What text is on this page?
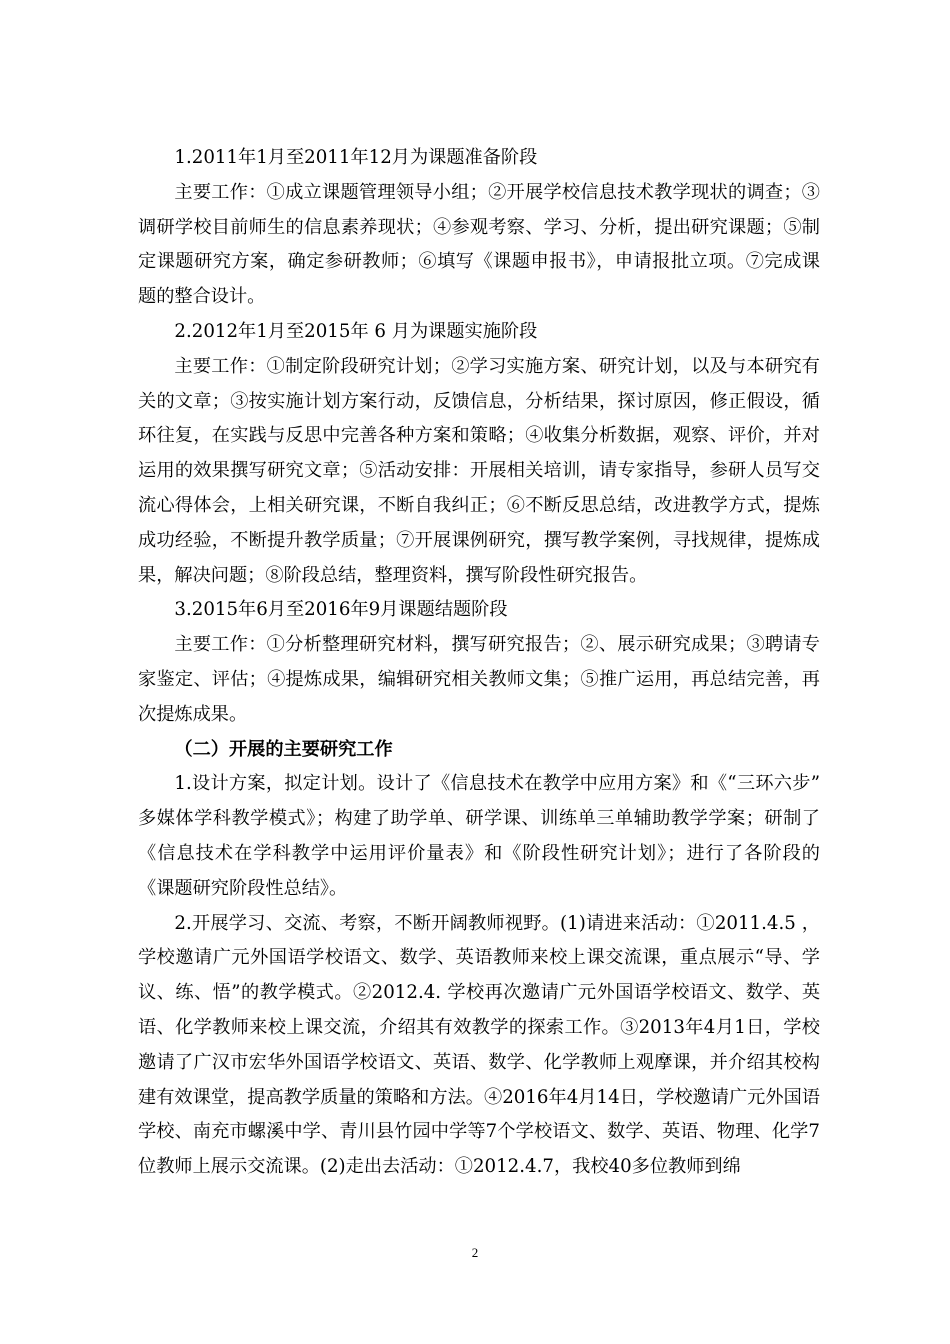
1.2011年1月至2011年12月为课题准备阶段

主要工作：①成立课题管理领导小组；②开展学校信息技术教学现状的调查；③调研学校目前师生的信息素养现状；④参观考察、学习、分析，提出研究课题；⑤制定课题研究方案，确定参研教师；⑥填写《课题申报书》，申请报批立项。⑦完成课题的整合设计。

2.2012年1月至2015年 6 月为课题实施阶段

主要工作：①制定阶段研究计划；②学习实施方案、研究计划，以及与本研究有关的文章；③按实施计划方案行动，反馈信息，分析结果，探讨原因，修正假设，循环往复，在实践与反思中完善各种方案和策略；④收集分析数据，观察、评价，并对运用的效果撰写研究文章；⑤活动安排：开展相关培训，请专家指导，参研人员写交流心得体会，上相关研究课，不断自我纠正；⑥不断反思总结，改进教学方式，提炼成功经验，不断提升教学质量；⑦开展课例研究，撰写教学案例，寻找规律，提炼成果，解决问题；⑧阶段总结，整理资料，撰写阶段性研究报告。

3.2015年6月至2016年9月课题结题阶段

主要工作：①分析整理研究材料，撰写研究报告；②、展示研究成果；③聘请专家鉴定、评估；④提炼成果，编辑研究相关教师文集；⑤推广运用，再总结完善，再次提炼成果。

（二）开展的主要研究工作

1.设计方案，拟定计划。设计了《信息技术在教学中应用方案》和《“三环六步” 多媒体学科教学模式》；构建了助学单、研学课、训练单三单辅助教学学案；研制了《信息技术在学科教学中运用评价量表》和《阶段性研究计划》；进行了各阶段的《课题研究阶段性总结》。

2.开展学习、交流、考察，不断开阔教师视野。(1)请进来活动：①2011.4.5 ，学校邀请广元外国语学校语文、数学、英语教师来校上课交流课，重点展示“导、学议、练、悟”的教学模式。②2012.4. 学校再次邀请广元外国语学校语文、数学、英语、化学教师来校上课交流，介绍其有效教学的探索工作。③2013年4月1日，学校邀请了广汉市宏华外国语学校语文、英语、数学、化学教师上观摩课，并介绍其校构建有效课堂，提高教学质量的策略和方法。④2016年4月14日，学校邀请广元外国语学校、南充市螺溪中学、青川县竹园中学等7个学校语文、数学、英语、物理、化学7位教师上展示交流课。(2)走出去活动：①2012.4.7，我校40多位教师到绵

2
